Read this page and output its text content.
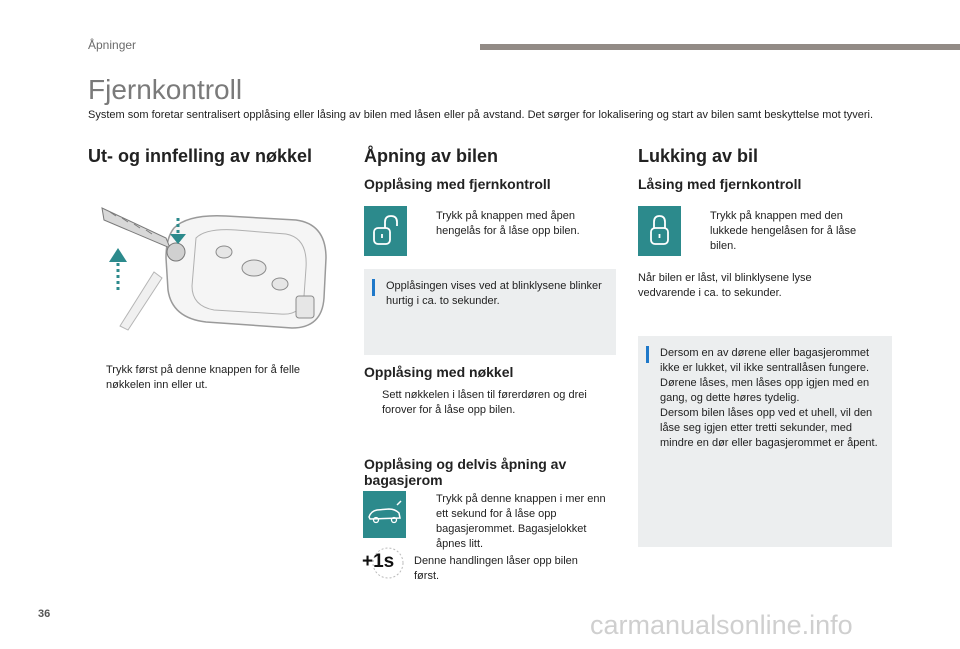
Åpninger
Fjernkontroll
System som foretar sentralisert opplåsing eller låsing av bilen med låsen eller på avstand. Det sørger for lokalisering og start av bilen samt beskyttelse mot tyveri.
Ut- og innfelling av nøkkel
Trykk først på denne knappen for å felle nøkkelen inn eller ut.
Åpning av bilen
Opplåsing med fjernkontroll
Trykk på knappen med åpen hengelås for å låse opp bilen.
Opplåsingen vises ved at blinklysene blinker hurtig i ca. to sekunder.
Opplåsing med nøkkel
Sett nøkkelen i låsen til førerdøren og drei forover for å låse opp bilen.
Opplåsing og delvis åpning av bagasjerom
Trykk på denne knappen i mer enn ett sekund for å låse opp bagasjerommet. Bagasjelokket åpnes litt.
+1s Denne handlingen låser opp bilen først.
Lukking av bil
Låsing med fjernkontroll
Trykk på knappen med den lukkede hengelåsen for å låse bilen.
Når bilen er låst, vil blinklysene lyse vedvarende i ca. to sekunder.
Dersom en av dørene eller bagasjerommet ikke er lukket, vil ikke sentrallåsen fungere. Dørene låses, men låses opp igjen med en gang, og dette høres tydelig.
Dersom bilen låses opp ved et uhell, vil den låse seg igjen etter tretti sekunder, med mindre en dør eller bagasjerommet er åpent.
36	carmanualsonline.info
